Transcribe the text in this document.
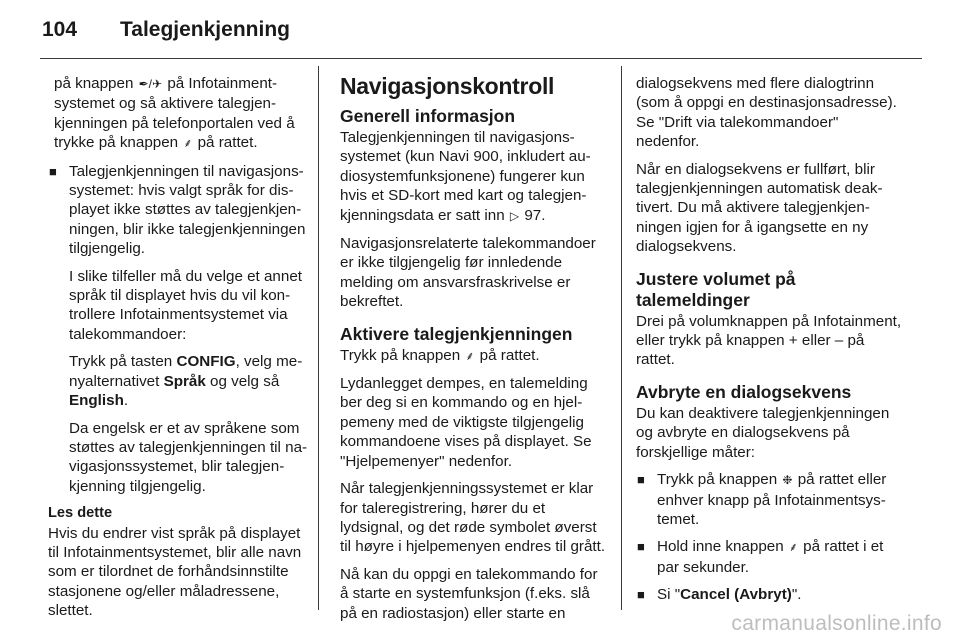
104 Talegjenkjenning

på knappen ✒/✈ på Infotainmentsystemet og så aktivere talegjenkjenningen på telefonportalen ved å trykke på knappen ⸙ på rattet.

■ Talegjenkjenningen til navigasjonssystemet: hvis valgt språk for displayet ikke støttes av talegjenkjenningen, blir ikke talegjenkjenningen tilgjengelig.

I slike tilfeller må du velge et annet språk til displayet hvis du vil kontrollere Infotainmentsystemet via talekommandoer:

Trykk på tasten CONFIG, velg menyalternativet Språk og velg så English.

Da engelsk er et av språkene som støttes av talegjenkjenningen til navigasjonssystemet, blir talegjenkjenning tilgjengelig.

Les dette

Hvis du endrer vist språk på displayet til Infotainmentsystemet, blir alle navn som er tilordnet de forhåndsinnstilte stasjonene og/eller måladressene, slettet.

Navigasjonskontroll
Generell informasjon

Talegjenkjenningen til navigasjonssystemet (kun Navi 900, inkludert audiosystemfunksjonene) fungerer kun hvis et SD-kort med kart og talegjenkjenningsdata er satt inn ▷ 97.

Navigasjonsrelaterte talekommandoer er ikke tilgjengelig før innledende melding om ansvarsfraskrivelse er bekreftet.

Aktivere talegjenkjenningen

Trykk på knappen ⸙ på rattet.

Lydanlegget dempes, en talemelding ber deg si en kommando og en hjelpemeny med de viktigste tilgjengelig kommandoene vises på displayet. Se "Hjelpemenyer" nedenfor.

Når talegjenkjenningssystemet er klar for taleregistrering, hører du et lydsignal, og det røde symbolet øverst til høyre i hjelpemenyen endres til grått.

Nå kan du oppgi en talekommando for å starte en systemfunksjon (f.eks. slå på en radiostasjon) eller starte en

dialogsekvens med flere dialogtrinn (som å oppgi en destinasjonsadresse). Se "Drift via talekommandoer" nedenfor.

Når en dialogsekvens er fullført, blir talegjenkjenningen automatisk deaktivert. Du må aktivere talegjenkjenningen igjen for å igangsette en ny dialogsekvens.

Justere volumet på
talemeldinger

Drei på volumknappen på Infotainment, eller trykk på knappen + eller – på rattet.

Avbryte en dialogsekvens

Du kan deaktivere talegjenkjenningen og avbryte en dialogsekvens på forskjellige måter:

■ Trykk på knappen ❉ på rattet eller enhver knapp på Infotainmentsystemet.

■ Hold inne knappen ⸙ på rattet i et par sekunder.

■ Si "Cancel (Avbryt)".

carmanualsonline.info
